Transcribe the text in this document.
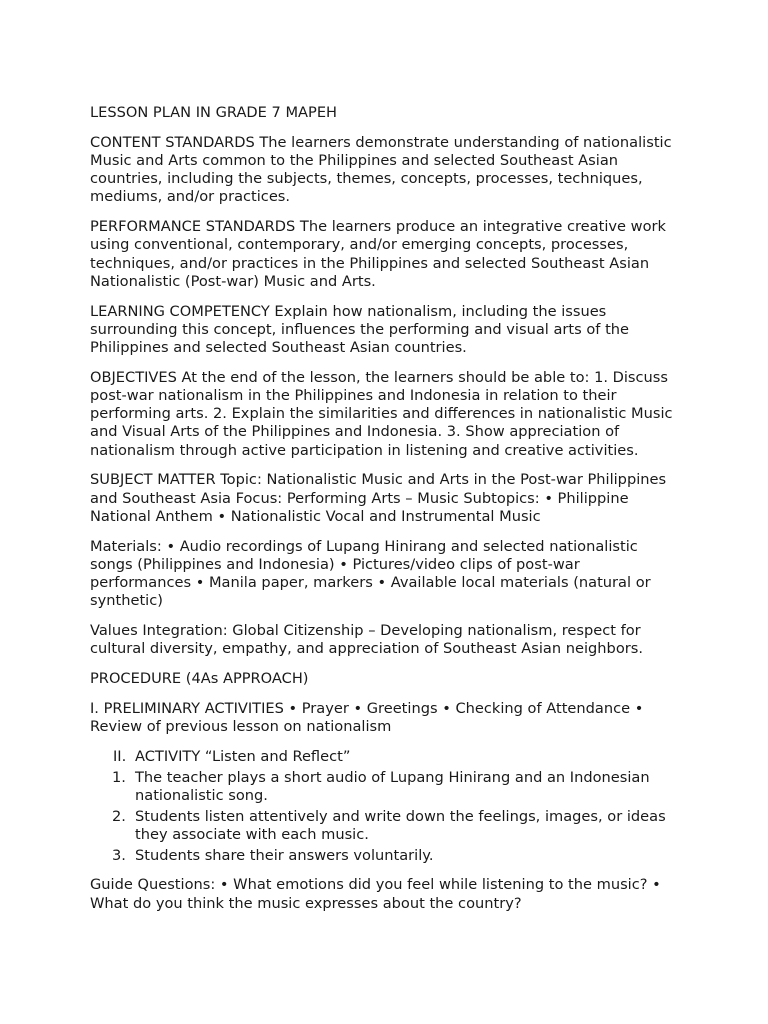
LESSON PLAN IN GRADE 7 MAPEH

CONTENT STANDARDS The learners demonstrate understanding of nationalistic Music and Arts common to the Philippines and selected Southeast Asian countries, including the subjects, themes, concepts, processes, techniques, mediums, and/or practices.

PERFORMANCE STANDARDS The learners produce an integrative creative work using conventional, contemporary, and/or emerging concepts, processes, techniques, and/or practices in the Philippines and selected Southeast Asian Nationalistic (Post-war) Music and Arts.

LEARNING COMPETENCY Explain how nationalism, including the issues surrounding this concept, influences the performing and visual arts of the Philippines and selected Southeast Asian countries.

OBJECTIVES At the end of the lesson, the learners should be able to: 1. Discuss post-war nationalism in the Philippines and Indonesia in relation to their performing arts. 2. Explain the similarities and differences in nationalistic Music and Visual Arts of the Philippines and Indonesia. 3. Show appreciation of nationalism through active participation in listening and creative activities.

SUBJECT MATTER Topic: Nationalistic Music and Arts in the Post-war Philippines and Southeast Asia Focus: Performing Arts – Music Subtopics: • Philippine National Anthem • Nationalistic Vocal and Instrumental Music

Materials: • Audio recordings of Lupang Hinirang and selected nationalistic songs (Philippines and Indonesia) • Pictures/video clips of post-war performances • Manila paper, markers • Available local materials (natural or synthetic)

Values Integration: Global Citizenship – Developing nationalism, respect for cultural diversity, empathy, and appreciation of Southeast Asian neighbors.

PROCEDURE (4As APPROACH)

I. PRELIMINARY ACTIVITIES • Prayer • Greetings • Checking of Attendance • Review of previous lesson on nationalism

II. ACTIVITY “Listen and Reflect”
1. The teacher plays a short audio of Lupang Hinirang and an Indonesian nationalistic song.
2. Students listen attentively and write down the feelings, images, or ideas they associate with each music.
3. Students share their answers voluntarily.

Guide Questions: • What emotions did you feel while listening to the music? • What do you think the music expresses about the country?
